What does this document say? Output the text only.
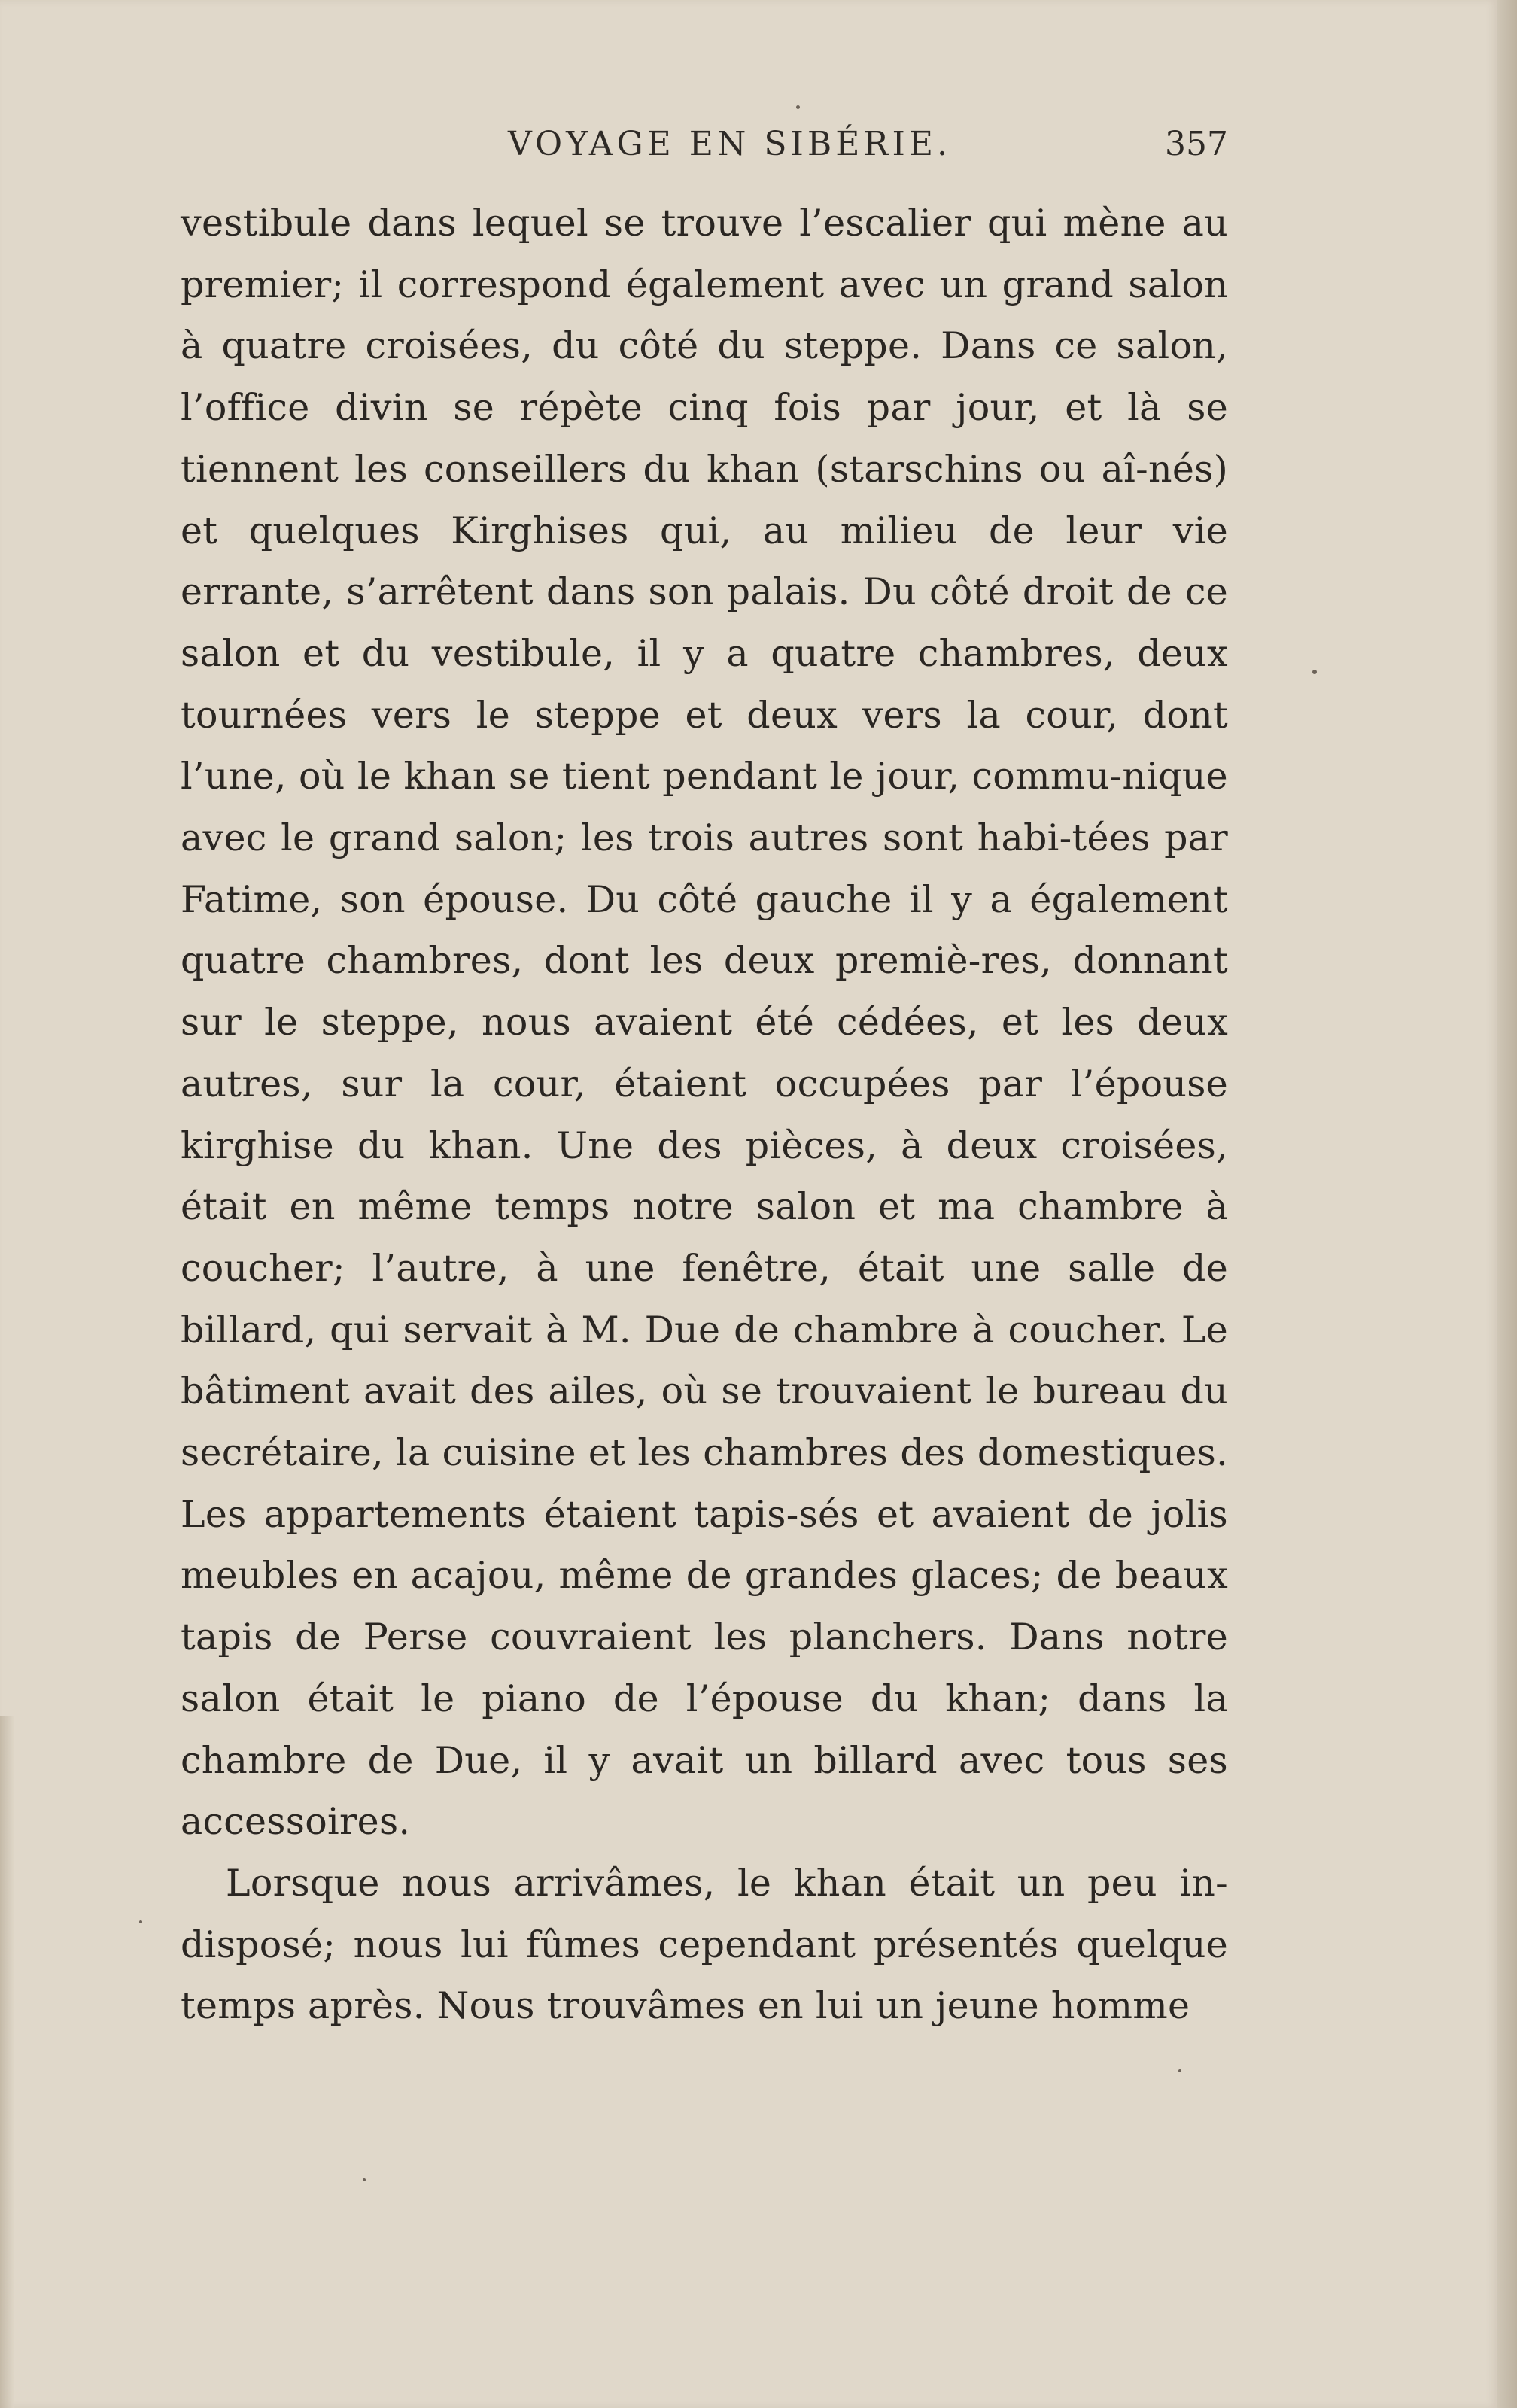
VOYAGE EN SIBÉRIE.	357

vestibule dans lequel se trouve l’escalier qui mène au premier; il correspond également avec un grand salon à quatre croisées, du côté du steppe. Dans ce salon, l’office divin se répète cinq fois par jour, et là se tiennent les conseillers du khan (starschins ou aî-nés) et quelques Kirghises qui, au milieu de leur vie errante, s’arrêtent dans son palais. Du côté droit de ce salon et du vestibule, il y a quatre chambres, deux tournées vers le steppe et deux vers la cour, dont l’une, où le khan se tient pendant le jour, commu-nique avec le grand salon; les trois autres sont habi-tées par Fatime, son épouse. Du côté gauche il y a également quatre chambres, dont les deux premiè-res, donnant sur le steppe, nous avaient été cédées, et les deux autres, sur la cour, étaient occupées par l’épouse kirghise du khan. Une des pièces, à deux croisées, était en même temps notre salon et ma chambre à coucher; l’autre, à une fenêtre, était une salle de billard, qui servait à M. Due de chambre à coucher. Le bâtiment avait des ailes, où se trouvaient le bureau du secrétaire, la cuisine et les chambres des domestiques. Les appartements étaient tapis-sés et avaient de jolis meubles en acajou, même de grandes glaces; de beaux tapis de Perse couvraient les planchers. Dans notre salon était le piano de l’épouse du khan; dans la chambre de Due, il y avait un billard avec tous ses accessoires.

Lorsque nous arrivâmes, le khan était un peu in-disposé; nous lui fûmes cependant présentés quelque temps après. Nous trouvâmes en lui un jeune homme
